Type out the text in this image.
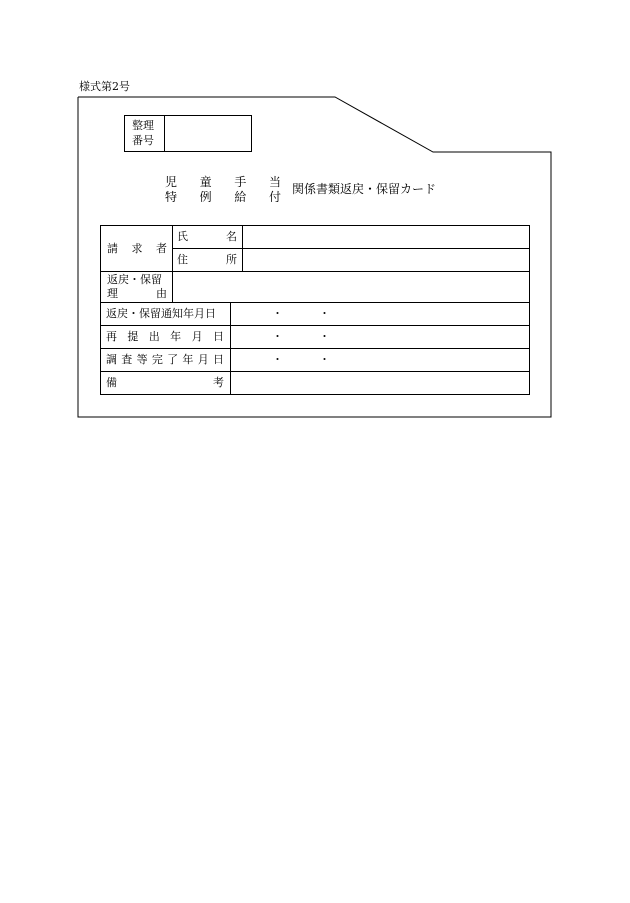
様式第2号
整理
番号
児 童 手 当
特 例 給 付
関係書類返戻・保留カード
請 求 者
氏	名
住	所
返戻・保留
理	由
返戻・保留通知年月日	・	・
再 提 出 年 月 日	・	・
調 査 等 完 了 年 月 日	・	・
備	考
